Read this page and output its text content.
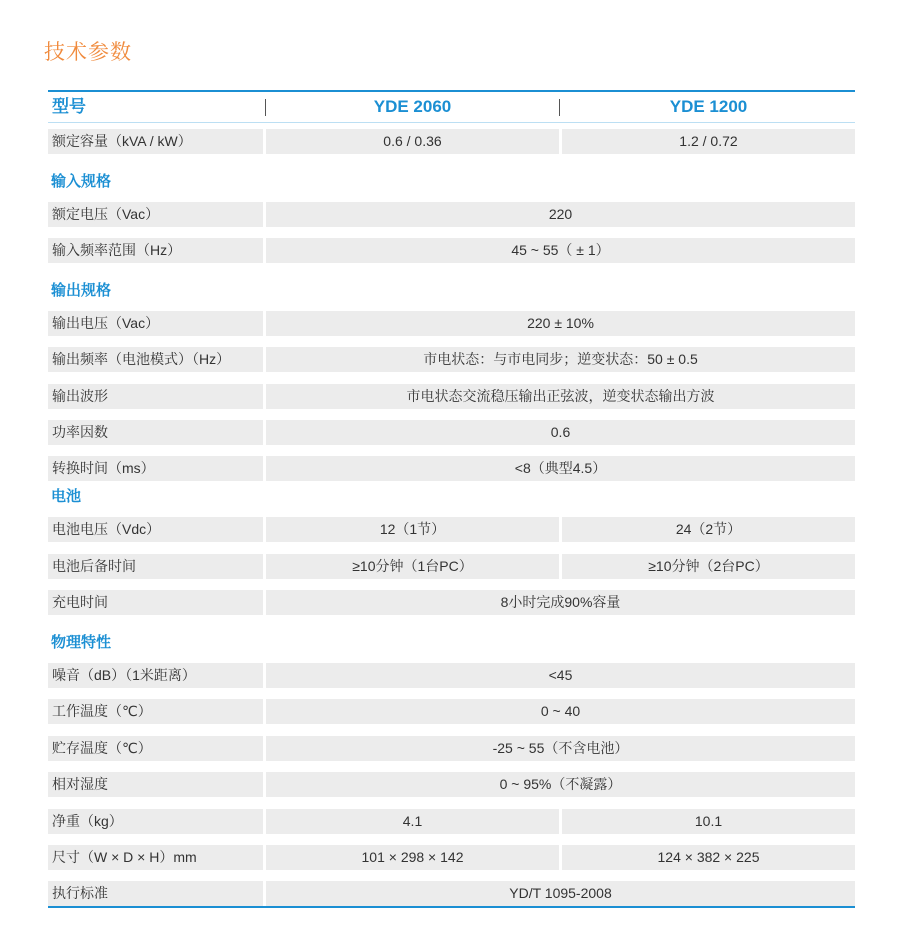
技术参数
型号	YDE 2060	YDE 1200
额定容量（kVA / kW）	0.6 / 0.36	1.2 / 0.72
输入规格
额定电压（Vac）	220
输入频率范围（Hz）	45 ~ 55（ ± 1）
输出规格
输出电压（Vac）	220 ± 10%
输出频率（电池模式）（Hz）	市电状态：与市电同步；逆变状态：50 ± 0.5
输出波形	市电状态交流稳压输出正弦波，逆变状态输出方波
功率因数	0.6
转换时间（ms）	<8（典型4.5）
电池
电池电压（Vdc）	12（1节）	24（2节）
电池后备时间	≥10分钟（1台PC）	≥10分钟（2台PC）
充电时间	8小时完成90%容量
物理特性
噪音（dB）（1米距离）	<45
工作温度（℃）	0 ~ 40
贮存温度（℃）	-25 ~ 55（不含电池）
相对湿度	0 ~ 95%（不凝露）
净重（kg）	4.1	10.1
尺寸（W × D × H）mm	101 × 298 × 142	124 × 382 × 225
执行标准	YD/T 1095-2008
